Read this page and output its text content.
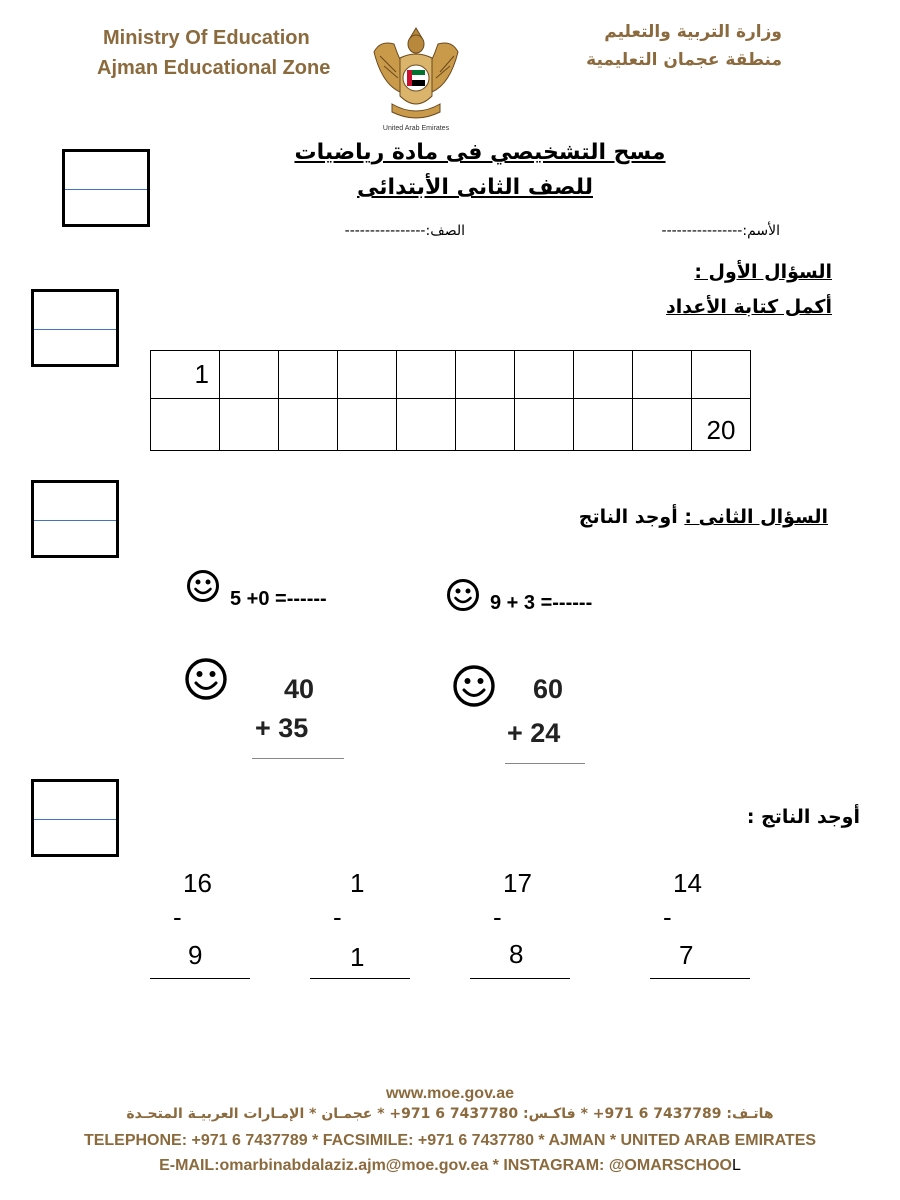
Ministry Of Education
Ajman Educational Zone
وزارة التربية والتعليم
منطقة عجمان التعليمية
United Arab Emirates
مسح التشخيصي فى مادة رياضيات
للصف الثانى الأبتدائى
الأسم:----------------
الصف:----------------
السؤال الأول :
أكمل كتابة الأعداد
1									
									20
السؤال الثانى : أوجد الناتج
5 +0 =------	9 + 3 =------
40
+ 35
60
+ 24
أوجد الناتج :
16
-
9
1
-
1
17
-
8
14
-
7
www.moe.gov.ae
هاتـف: 7437789 6 971+ * فاكـس: 7437780 6 971+ * عجمـان * الإمـارات العربيـة المتحـدة
TELEPHONE: +971 6 7437789 * FACSIMILE: +971 6 7437780 * AJMAN * UNITED ARAB EMIRATES
E-MAIL:omarbinabdalaziz.ajm@moe.gov.ea * INSTAGRAM: @OMARSCHOOL
